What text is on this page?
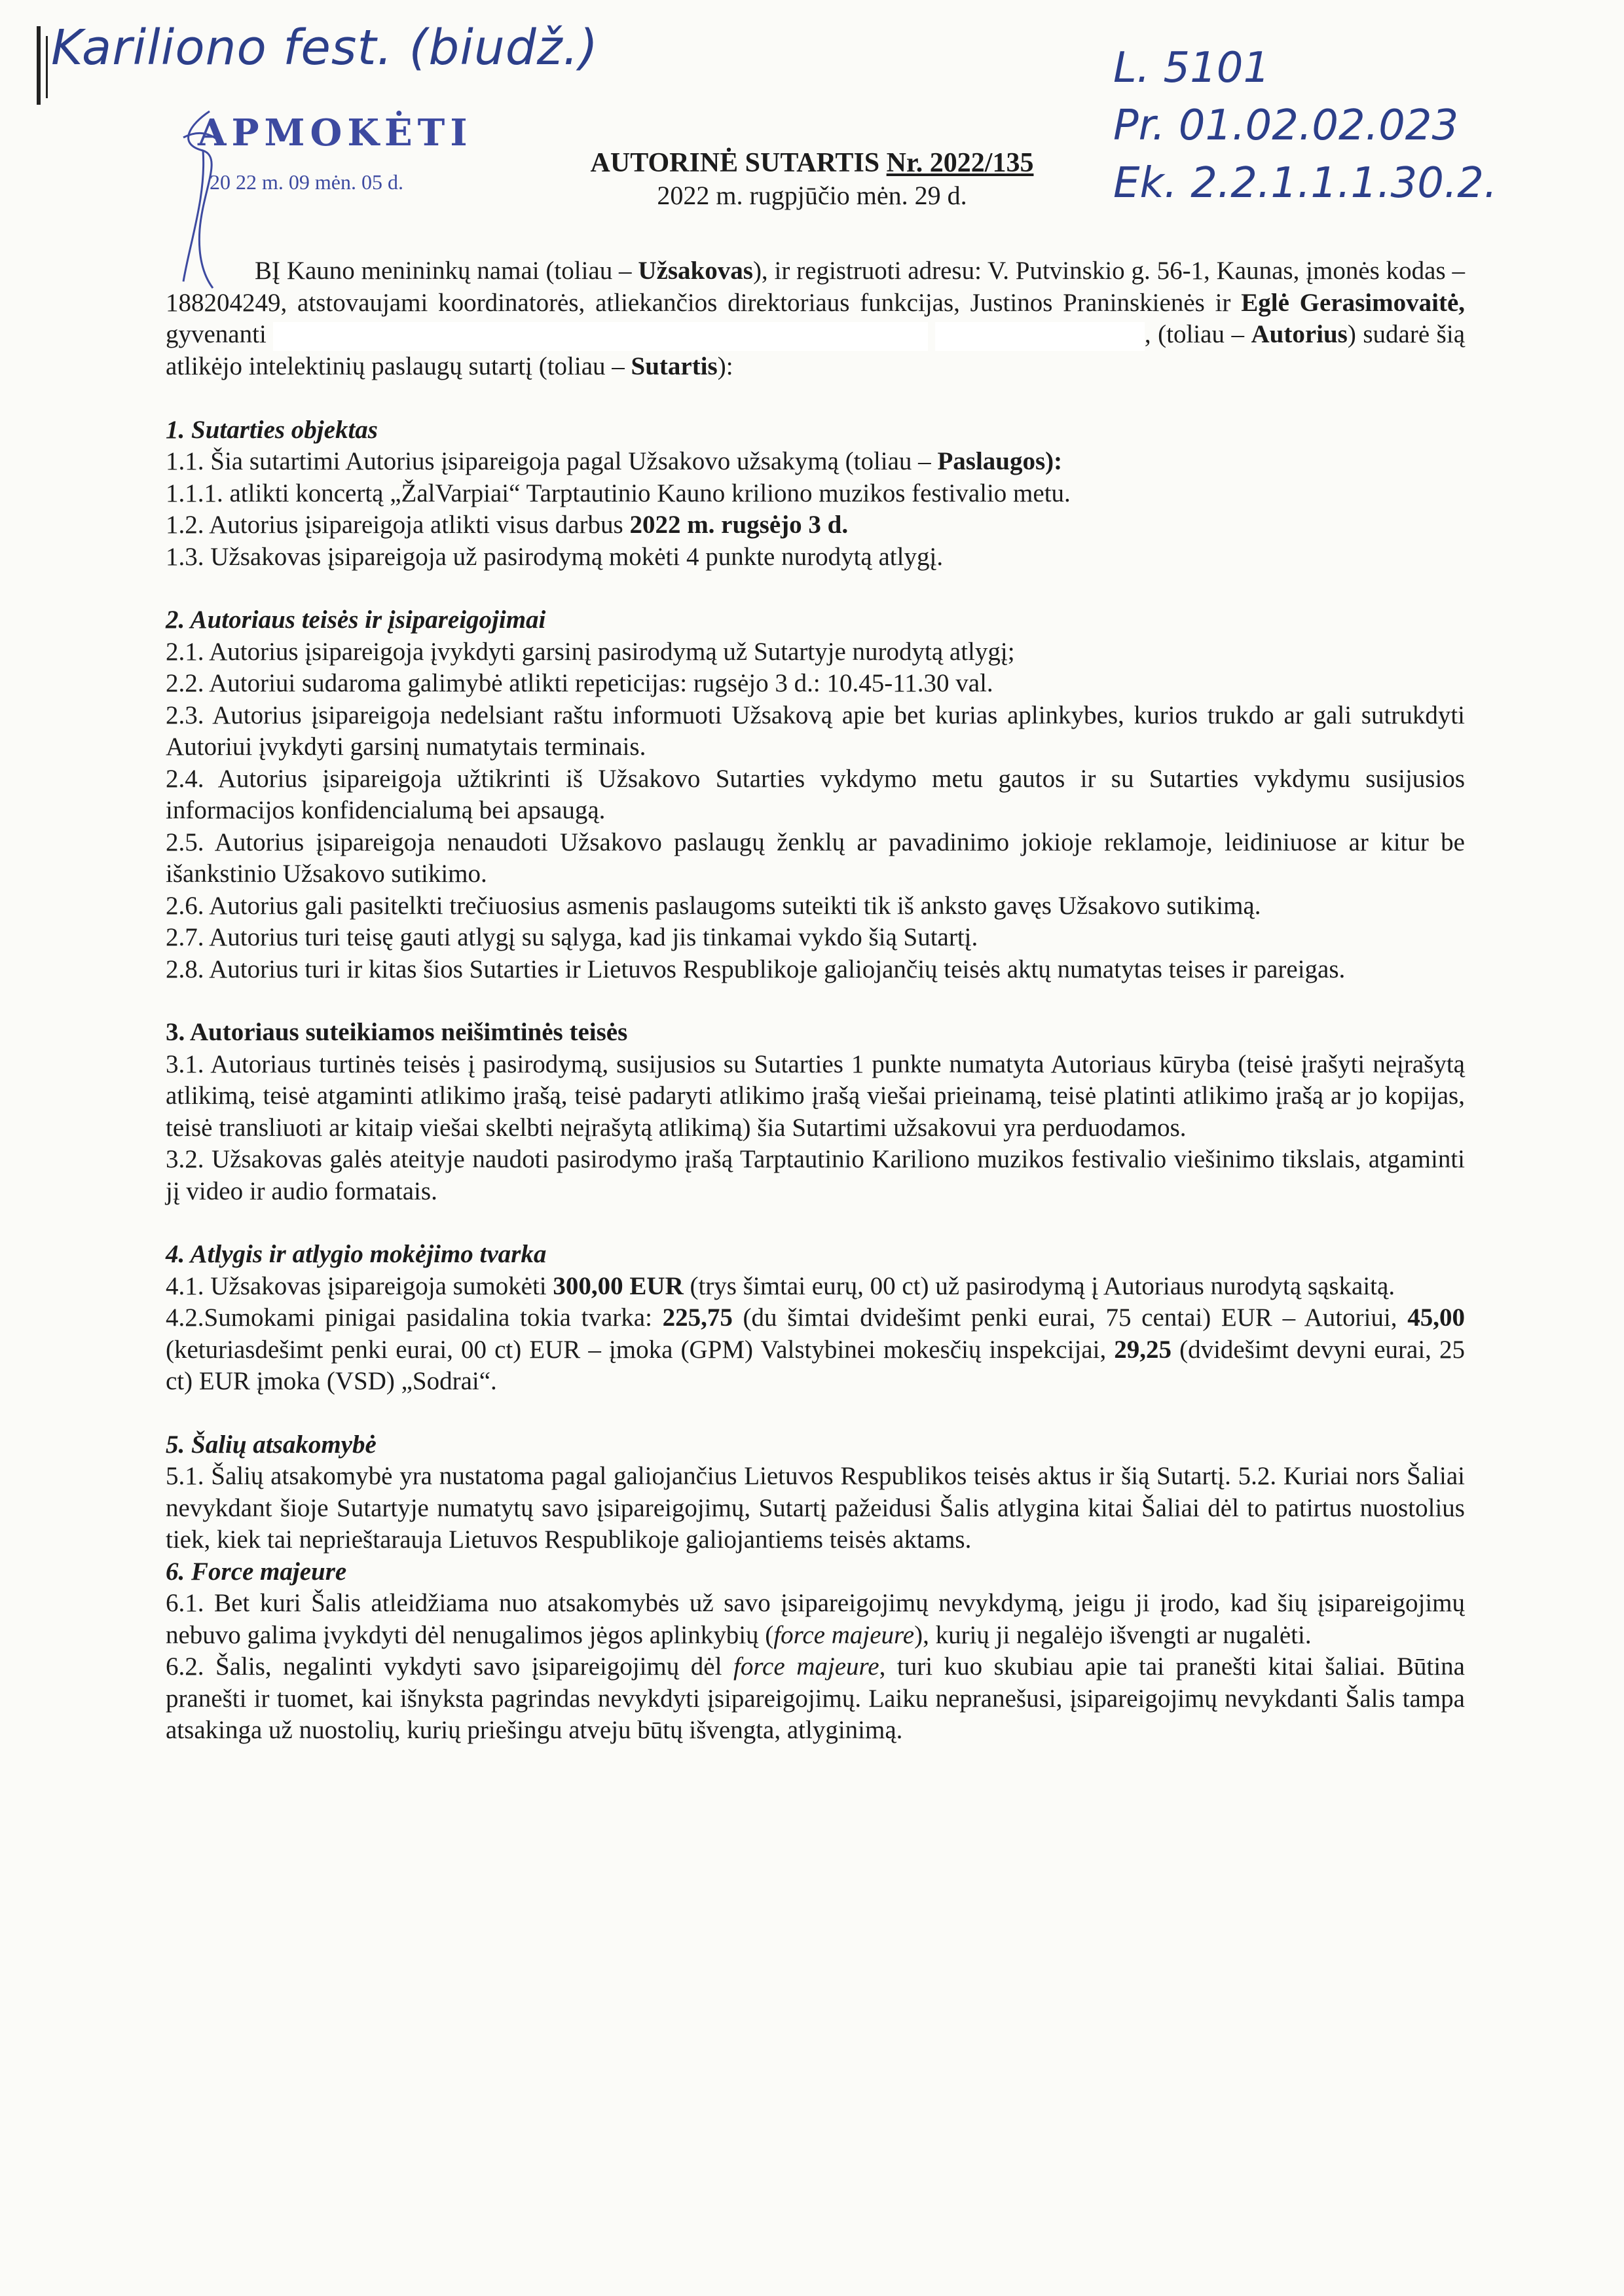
Kariliono fest. (biudž.)	L. 5101
Pr. 01.02.02.023
Ek. 2.2.1.1.1.30.2.
APMOKĖTI
20 22 m. 09 mėn. 05 d.
AUTORINĖ SUTARTIS Nr. 2022/135
2022 m. rugpjūčio mėn. 29 d.

BĮ Kauno menininkų namai (toliau – Užsakovas), ir registruoti adresu: V. Putvinskio g. 56-1, Kaunas, įmonės kodas – 188204249, atstovaujami koordinatorės, atliekančios direktoriaus funkcijas, Justinos Praninskienės ir Eglė Gerasimovaitė, gyvenanti	, (toliau – Autorius) sudarė šią atlikėjo intelektinių paslaugų sutartį (toliau – Sutartis):

1. Sutarties objektas

1.1. Šia sutartimi Autorius įsipareigoja pagal Užsakovo užsakymą (toliau – Paslaugos):

1.1.1. atlikti koncertą „ŽalVarpiai“ Tarptautinio Kauno kriliono muzikos festivalio metu.

1.2. Autorius įsipareigoja atlikti visus darbus 2022 m. rugsėjo 3 d.

1.3. Užsakovas įsipareigoja už pasirodymą mokėti 4 punkte nurodytą atlygį.

2. Autoriaus teisės ir įsipareigojimai

2.1. Autorius įsipareigoja įvykdyti garsinį pasirodymą už Sutartyje nurodytą atlygį;

2.2. Autoriui sudaroma galimybė atlikti repeticijas: rugsėjo 3 d.: 10.45-11.30 val.

2.3. Autorius įsipareigoja nedelsiant raštu informuoti Užsakovą apie bet kurias aplinkybes, kurios trukdo ar gali sutrukdyti Autoriui įvykdyti garsinį numatytais terminais.

2.4. Autorius įsipareigoja užtikrinti iš Užsakovo Sutarties vykdymo metu gautos ir su Sutarties vykdymu susijusios informacijos konfidencialumą bei apsaugą.

2.5. Autorius įsipareigoja nenaudoti Užsakovo paslaugų ženklų ar pavadinimo jokioje reklamoje, leidiniuose ar kitur be išankstinio Užsakovo sutikimo.

2.6. Autorius gali pasitelkti trečiuosius asmenis paslaugoms suteikti tik iš anksto gavęs Užsakovo sutikimą.

2.7. Autorius turi teisę gauti atlygį su sąlyga, kad jis tinkamai vykdo šią Sutartį.

2.8. Autorius turi ir kitas šios Sutarties ir Lietuvos Respublikoje galiojančių teisės aktų numatytas teises ir pareigas.

3. Autoriaus suteikiamos neišimtinės teisės

3.1. Autoriaus turtinės teisės į pasirodymą, susijusios su Sutarties 1 punkte numatyta Autoriaus kūryba (teisė įrašyti neįrašytą atlikimą, teisė atgaminti atlikimo įrašą, teisė padaryti atlikimo įrašą viešai prieinamą, teisė platinti atlikimo įrašą ar jo kopijas, teisė transliuoti ar kitaip viešai skelbti neįrašytą atlikimą) šia Sutartimi užsakovui yra perduodamos.

3.2. Užsakovas galės ateityje naudoti pasirodymo įrašą Tarptautinio Kariliono muzikos festivalio viešinimo tikslais, atgaminti jį video ir audio formatais.

4. Atlygis ir atlygio mokėjimo tvarka

4.1. Užsakovas įsipareigoja sumokėti 300,00 EUR (trys šimtai eurų, 00 ct) už pasirodymą į Autoriaus nurodytą sąskaitą.

4.2.Sumokami pinigai pasidalina tokia tvarka: 225,75 (du šimtai dvidešimt penki eurai, 75 centai) EUR – Autoriui, 45,00 (keturiasdešimt penki eurai, 00 ct) EUR – įmoka (GPM) Valstybinei mokesčių inspekcijai, 29,25 (dvidešimt devyni eurai, 25 ct) EUR įmoka (VSD) „Sodrai“.

5. Šalių atsakomybė

5.1. Šalių atsakomybė yra nustatoma pagal galiojančius Lietuvos Respublikos teisės aktus ir šią Sutartį. 5.2. Kuriai nors Šaliai nevykdant šioje Sutartyje numatytų savo įsipareigojimų, Sutartį pažeidusi Šalis atlygina kitai Šaliai dėl to patirtus nuostolius tiek, kiek tai neprieštarauja Lietuvos Respublikoje galiojantiems teisės aktams.

6. Force majeure

6.1. Bet kuri Šalis atleidžiama nuo atsakomybės už savo įsipareigojimų nevykdymą, jeigu ji įrodo, kad šių įsipareigojimų nebuvo galima įvykdyti dėl nenugalimos jėgos aplinkybių (force majeure), kurių ji negalėjo išvengti ar nugalėti.

6.2. Šalis, negalinti vykdyti savo įsipareigojimų dėl force majeure, turi kuo skubiau apie tai pranešti kitai šaliai. Būtina pranešti ir tuomet, kai išnyksta pagrindas nevykdyti įsipareigojimų. Laiku nepranešusi, įsipareigojimų nevykdanti Šalis tampa atsakinga už nuostolių, kurių priešingu atveju būtų išvengta, atlyginimą.
